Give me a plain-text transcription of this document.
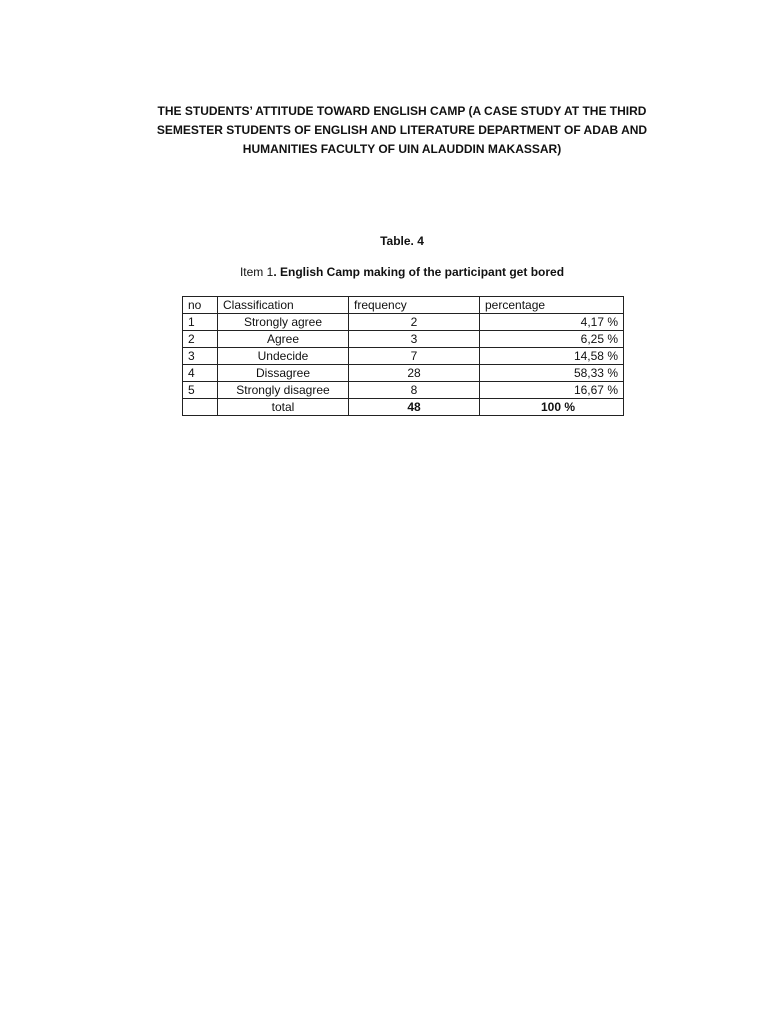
THE STUDENTS’ ATTITUDE TOWARD ENGLISH CAMP (A CASE STUDY AT THE THIRD SEMESTER STUDENTS OF ENGLISH AND LITERATURE DEPARTMENT OF ADAB AND HUMANITIES FACULTY OF UIN ALAUDDIN MAKASSAR)

Table. 4

Item 1. English Camp making of the participant get bored

no	Classification	frequency	percentage
1	Strongly agree	2	4,17 %
2	Agree	3	6,25 %
3	Undecide	7	14,58 %
4	Dissagree	28	58,33 %
5	Strongly disagree	8	16,67 %
	total	48	100 %
